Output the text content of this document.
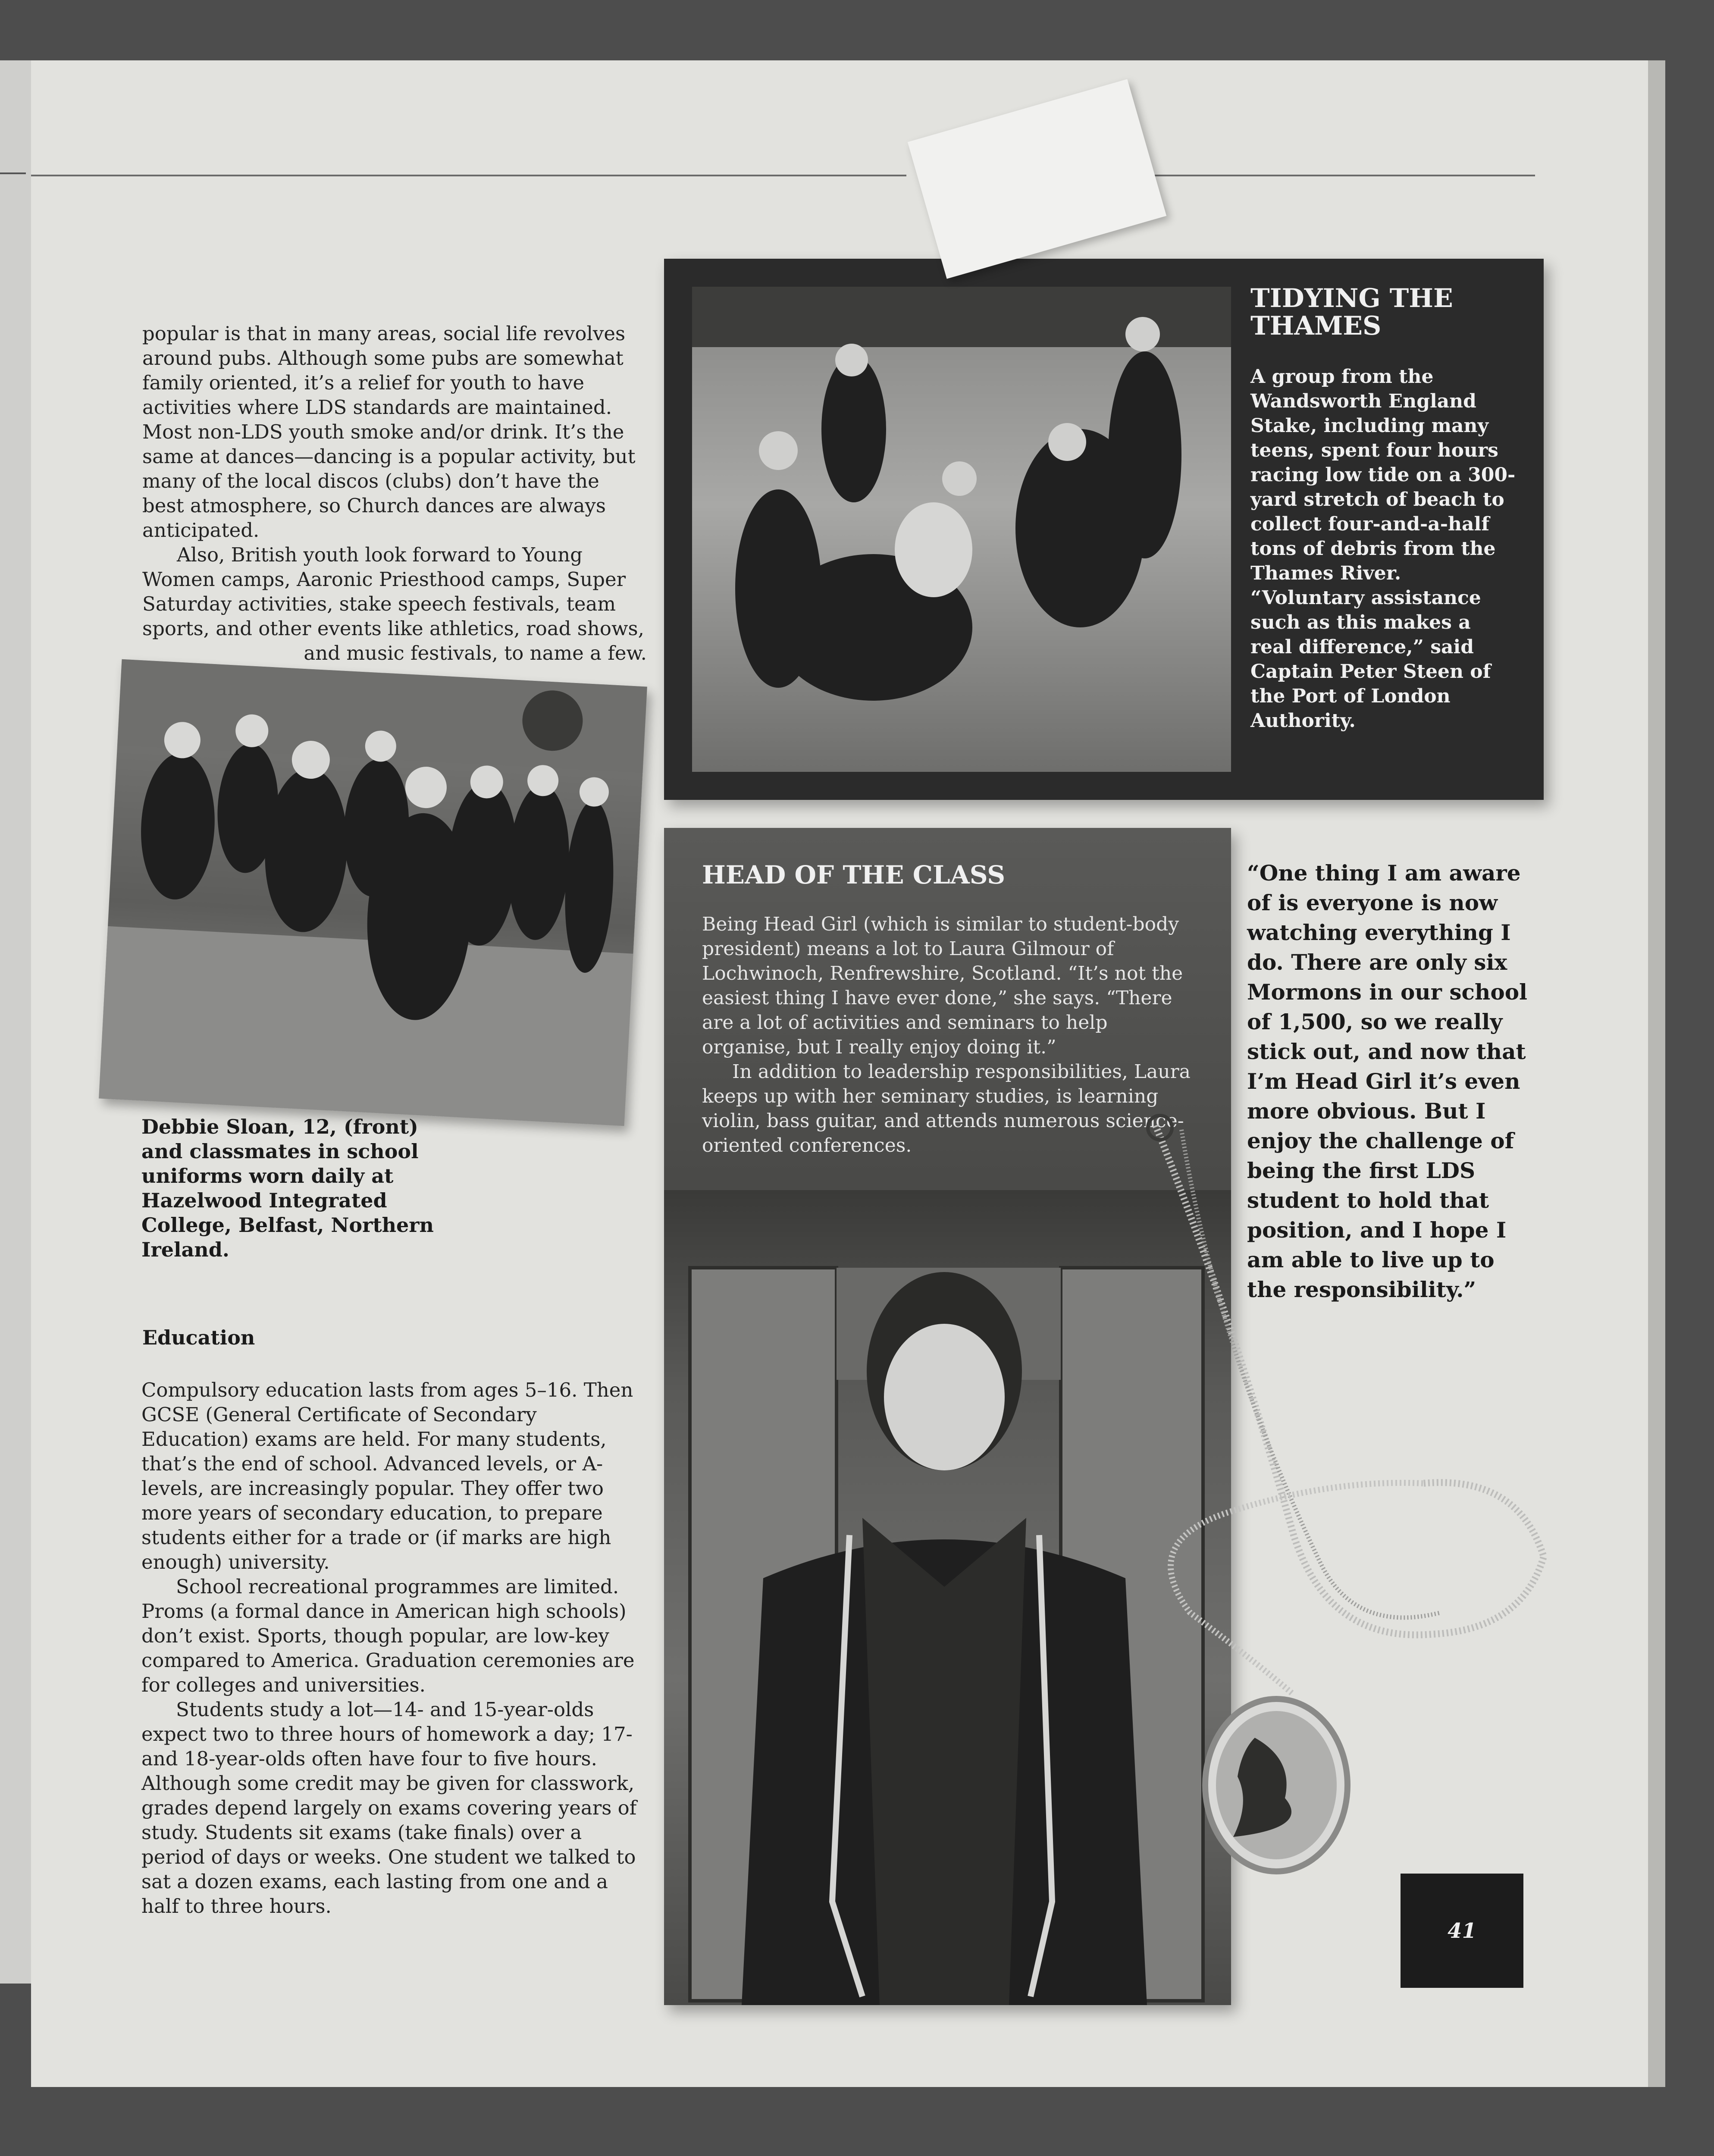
popular is that in many areas, social life revolves around pubs. Although some pubs are somewhat family oriented, it’s a relief for youth to have activities where LDS standards are maintained. Most non-LDS youth smoke and/or drink. It’s the same at dances—dancing is a popular activity, but many of the local discos (clubs) don’t have the best atmosphere, so Church dances are always anticipated.

Also, British youth look forward to Young Women camps, Aaronic Priesthood camps, Super Saturday activities, stake speech festivals, team sports, and other events like athletics, road shows,

and music festivals, to name a few.

Debbie Sloan, 12, (front) and classmates in school uniforms worn daily at Hazelwood Integrated College, Belfast, Northern Ireland.
Education

Compulsory education lasts from ages 5–16. Then GCSE (General Certificate of Secondary Education) exams are held. For many students, that’s the end of school. Advanced levels, or A-levels, are increasingly popular. They offer two more years of secondary education, to prepare students either for a trade or (if marks are high enough) university.

School recreational programmes are limited. Proms (a formal dance in American high schools) don’t exist. Sports, though popular, are low-key compared to America. Graduation ceremonies are for colleges and universities.

Students study a lot—14- and 15-year-olds expect two to three hours of homework a day; 17- and 18-year-olds often have four to five hours. Although some credit may be given for classwork, grades depend largely on exams covering years of study. Students sit exams (take finals) over a period of days or weeks. One student we talked to sat a dozen exams, each lasting from one and a half to three hours.

TIDYING THE THAMES
A group from the Wandsworth England Stake, including many teens, spent four hours racing low tide on a 300-yard stretch of beach to collect four-and-a-half tons of debris from the Thames River. “Voluntary assistance such as this makes a real difference,” said Captain Peter Steen of the Port of London Authority.
HEAD OF THE CLASS

Being Head Girl (which is similar to student-body president) means a lot to Laura Gilmour of Lochwinoch, Renfrewshire, Scotland. “It’s not the easiest thing I have ever done,” she says. “There are a lot of activities and seminars to help organise, but I really enjoy doing it.”

In addition to leadership responsibilities, Laura keeps up with her seminary studies, is learning violin, bass guitar, and attends numerous science-oriented conferences.

“One thing I am aware of is everyone is now watching everything I do. There are only six Mormons in our school of 1,500, so we really stick out, and now that I’m Head Girl it’s even more obvious. But I enjoy the challenge of being the first LDS student to hold that position, and I hope I am able to live up to the responsibility.”
41
